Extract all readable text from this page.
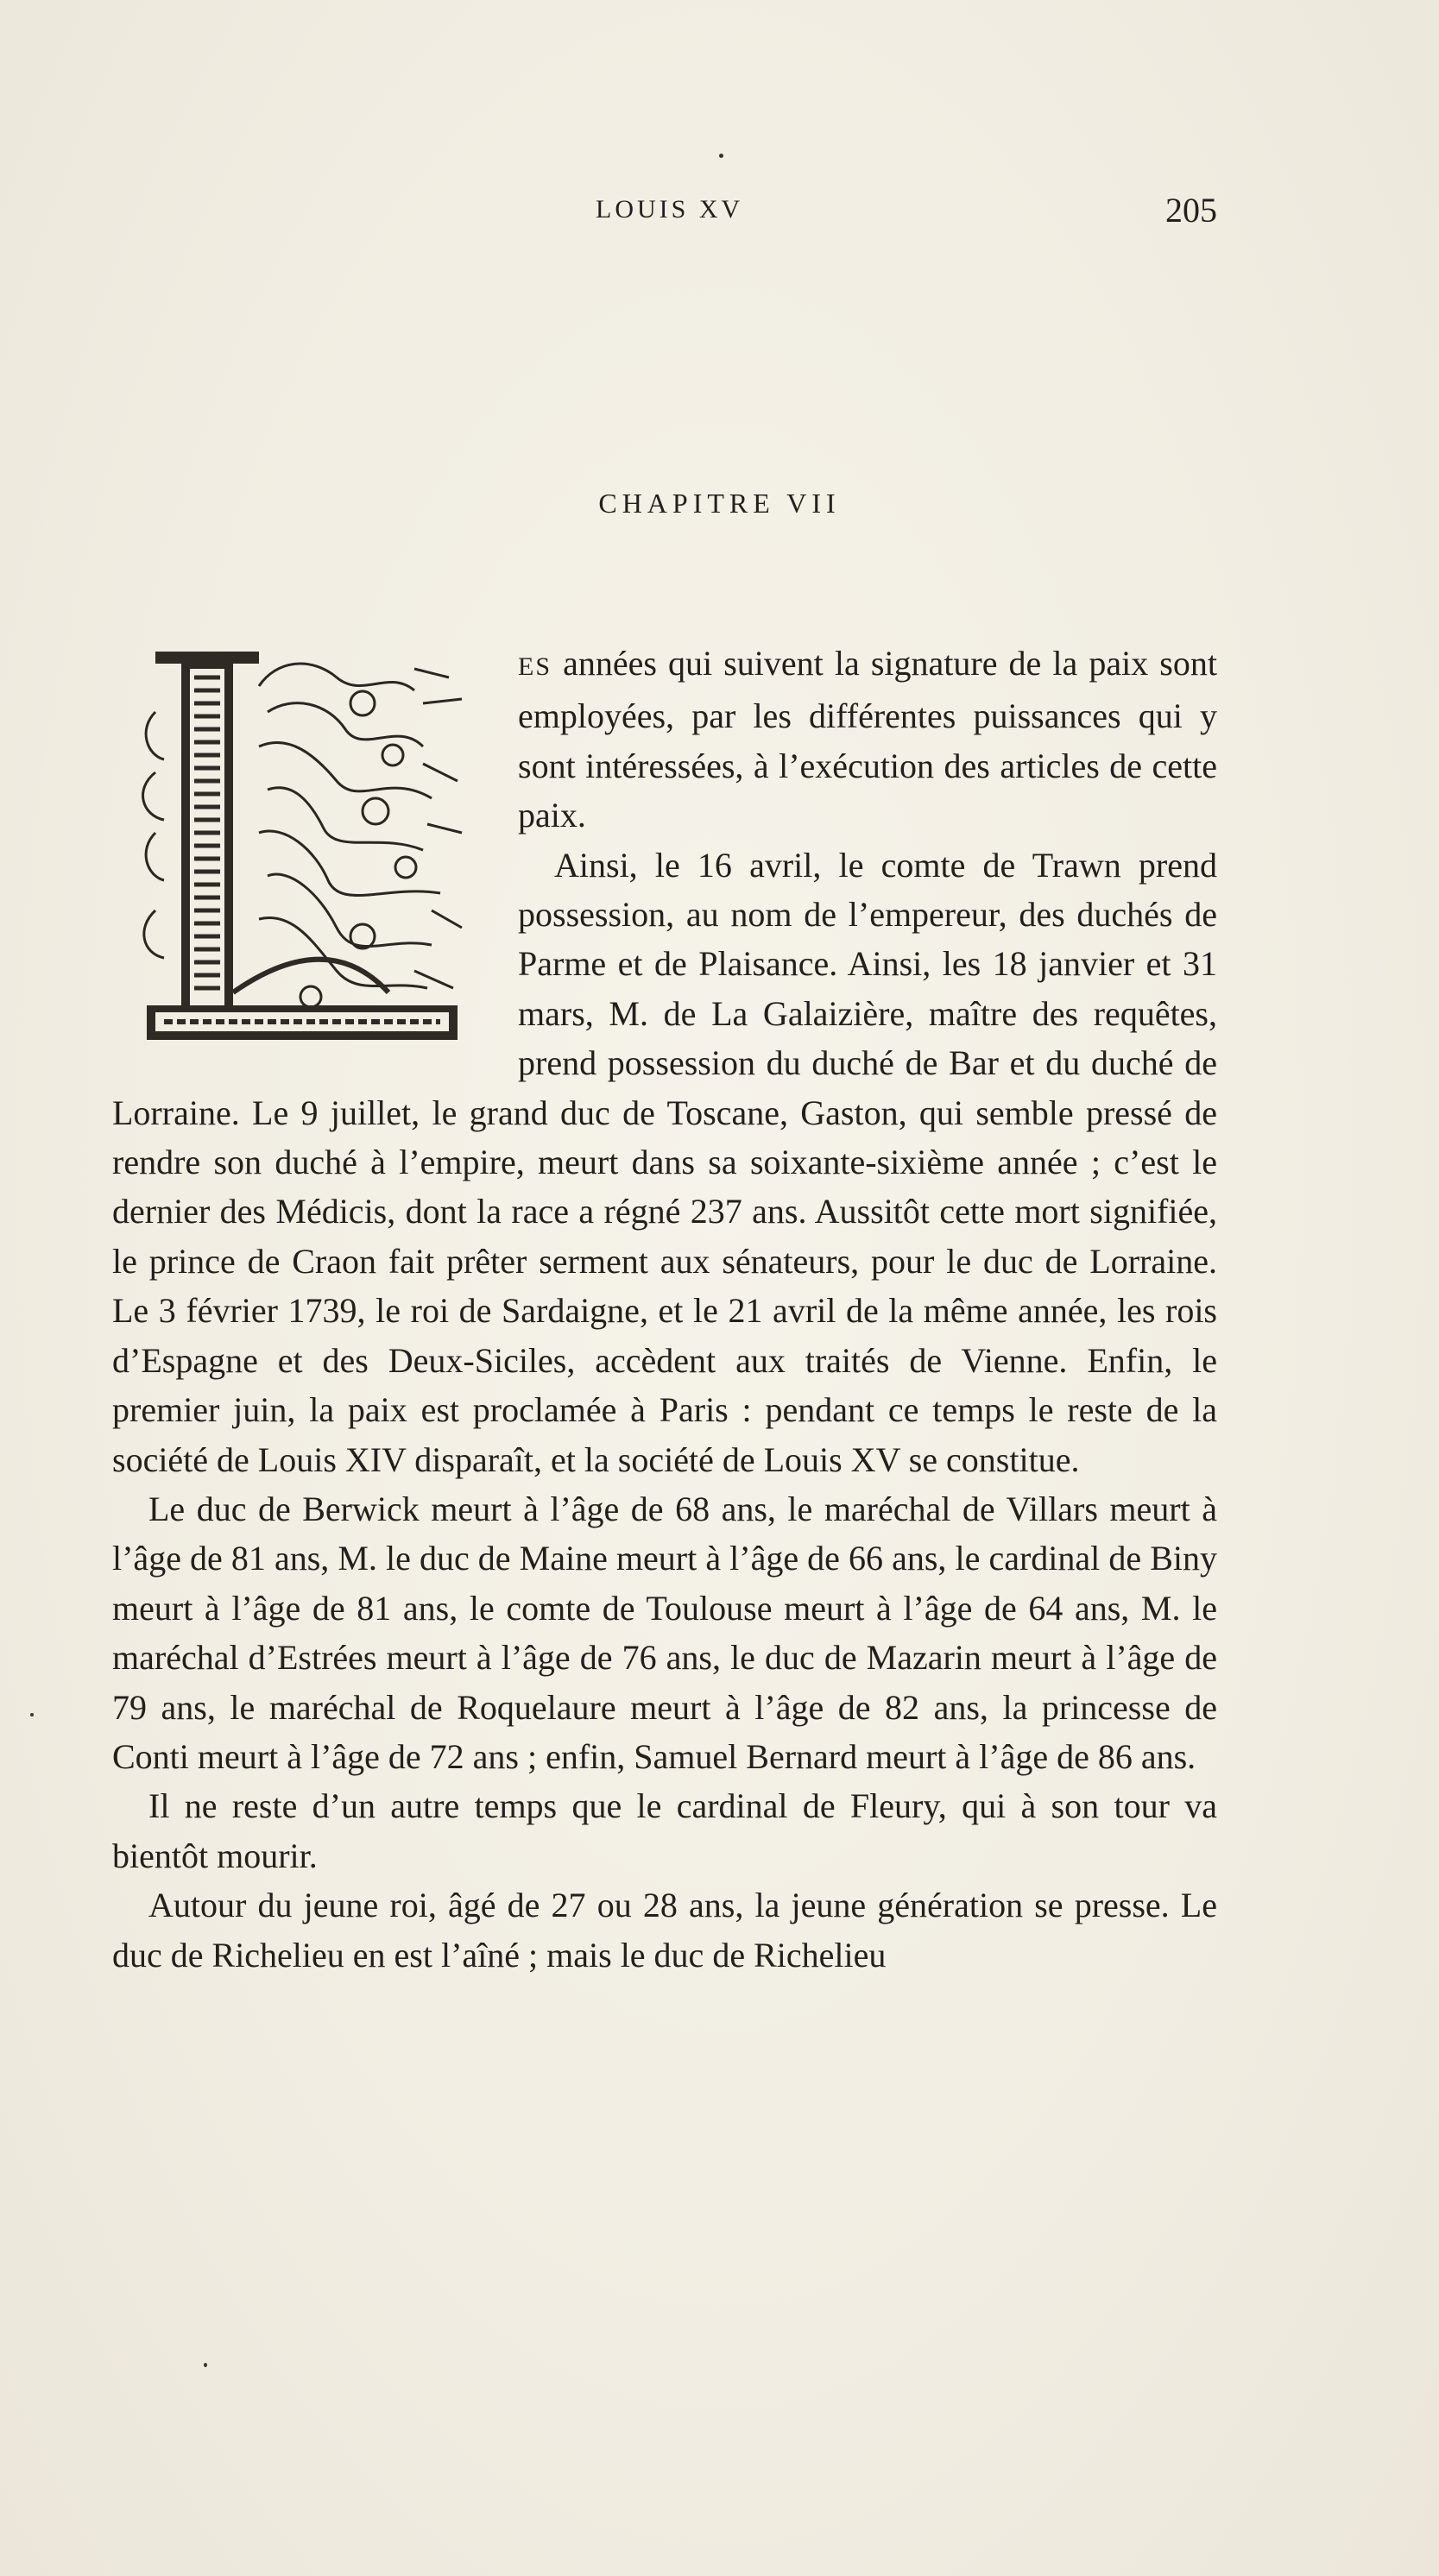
LOUIS XV	205
CHAPITRE VII

ES années qui suivent la signature de la paix sont employées, par les différentes puissances qui y sont intéressées, à l’exécution des articles de cette paix.

Ainsi, le 16 avril, le comte de Trawn prend possession, au nom de l’empereur, des duchés de Parme et de Plaisance. Ainsi, les 18 janvier et 31 mars, M. de La Galaizière, maître des requêtes, prend possession du duché de Bar et du duché de Lorraine. Le 9 juillet, le grand duc de Toscane, Gaston, qui semble pressé de rendre son duché à l’empire, meurt dans sa soixante-sixième année ; c’est le dernier des Médicis, dont la race a régné 237 ans. Aussitôt cette mort signifiée, le prince de Craon fait prêter serment aux sénateurs, pour le duc de Lorraine. Le 3 février 1739, le roi de Sardaigne, et le 21 avril de la même année, les rois d’Espagne et des Deux-Siciles, accèdent aux traités de Vienne. Enfin, le premier juin, la paix est proclamée à Paris : pendant ce temps le reste de la société de Louis XIV disparaît, et la société de Louis XV se constitue.

Le duc de Berwick meurt à l’âge de 68 ans, le maréchal de Villars meurt à l’âge de 81 ans, M. le duc de Maine meurt à l’âge de 66 ans, le cardinal de Biny meurt à l’âge de 81 ans, le comte de Toulouse meurt à l’âge de 64 ans, M. le maréchal d’Estrées meurt à l’âge de 76 ans, le duc de Mazarin meurt à l’âge de 79 ans, le maréchal de Roquelaure meurt à l’âge de 82 ans, la princesse de Conti meurt à l’âge de 72 ans ; enfin, Samuel Bernard meurt à l’âge de 86 ans.

Il ne reste d’un autre temps que le cardinal de Fleury, qui à son tour va bientôt mourir.

Autour du jeune roi, âgé de 27 ou 28 ans, la jeune génération se presse. Le duc de Richelieu en est l’aîné ; mais le duc de Richelieu
